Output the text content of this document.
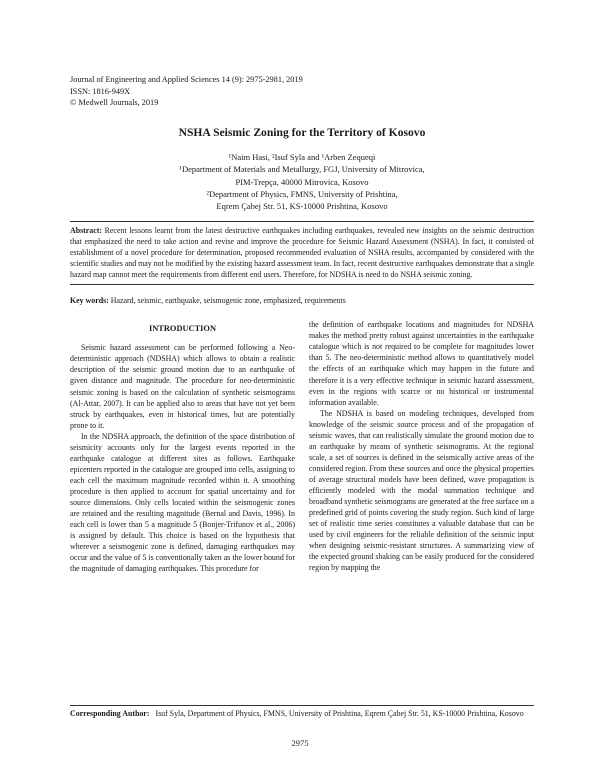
Journal of Engineering and Applied Sciences 14 (9): 2975-2981, 2019
ISSN: 1816-949X
© Medwell Journals, 2019
NSHA Seismic Zoning for the Territory of Kosovo
¹Naim Hasi, ²Isuf Syla and ¹Arben Zequeqi
¹Department of Materials and Metallurgy, FGJ, University of Mitrovica,
PIM-Trepça, 40000 Mitrovica, Kosovo
²Department of Physics, FMNS, University of Prishtina,
Eqrem Çabej Str. 51, KS-10000 Prishtina, Kosovo
Abstract: Recent lessons learnt from the latest destructive earthquakes including earthquakes, revealed new insights on the seismic destruction that emphasized the need to take action and revise and improve the procedure for Seismic Hazard Assessment (NSHA). In fact, it consisted of establishment of a novel procedure for determination, proposed recommended evaluation of NSHA results, accompanied by considered with the scientific studies and may not be modified by the existing hazard assessment team. In fact, recent destructive earthquakes demonstrate that a single hazard map cannot meet the requirements from different end users. Therefore, for NDSHA is need to do NSHA seismic zoning.
Key words: Hazard, seismic, earthquake, seismogenic zone, emphasized, requirements
INTRODUCTION

Seismic hazard assessment can be performed following a Neo-deterministic approach (NDSHA) which allows to obtain a realistic description of the seismic ground motion due to an earthquake of given distance and magnitude. The procedure for neo-deterministic seismic zoning is based on the calculation of synthetic seismograms (Al-Attar, 2007). It can be applied also to areas that have not yet been struck by earthquakes, even in historical times, but are potentially prone to it.

In the NDSHA approach, the definition of the space distribution of seismicity accounts only for the largest events reported in the earthquake catalogue at different sites as follows. Earthquake epicenters reported in the catalogue are grouped into cells, assigning to each cell the maximum magnitude recorded within it. A smoothing procedure is then applied to account for spatial uncertainty and for source dimensions. Only cells located within the seismogenic zones are retained and the resulting magnitude (Bernal and Davis, 1996). In each cell is lower than 5 a magnitude 5 (Bonjer-Trifunov et al., 2006) is assigned by default. This choice is based on the hypothesis that wherever a seismogenic zone is defined, damaging earthquakes may occur and the value of 5 is conventionally taken as the lower bound for the magnitude of damaging earthquakes. This procedure for

the definition of earthquake locations and magnitudes for NDSHA makes the method pretty robust against uncertainties in the earthquake catalogue which is not required to be complete for magnitudes lower than 5. The neo-deterministic method allows to quantitatively model the effects of an earthquake which may happen in the future and therefore it is a very effective technique in seismic hazard assessment, even in the regions with scarce or no historical or instrumental information available.

The NDSHA is based on modeling techniques, developed from knowledge of the seismic source process and of the propagation of seismic waves, that can realistically simulate the ground motion due to an earthquake by means of synthetic seismograms. At the regional scale, a set of sources is defined in the seismically active areas of the considered region. From these sources and once the physical properties of average structural models have been defined, wave propagation is efficiently modeled with the modal summation technique and broadband synthetic seismograms are generated at the free surface on a predefined grid of points covering the study region. Such kind of large set of realistic time series constitutes a valuable database that can be used by civil engineers for the reliable definition of the seismic input when designing seismic-resistant structures. A summarizing view of the expected ground shaking can be easily produced for the considered region by mapping the

Corresponding Author: Isuf Syla, Department of Physics, FMNS, University of Prishtina, Eqrem Çabej Str. 51, KS-10000 Prishtina, Kosovo
2975
